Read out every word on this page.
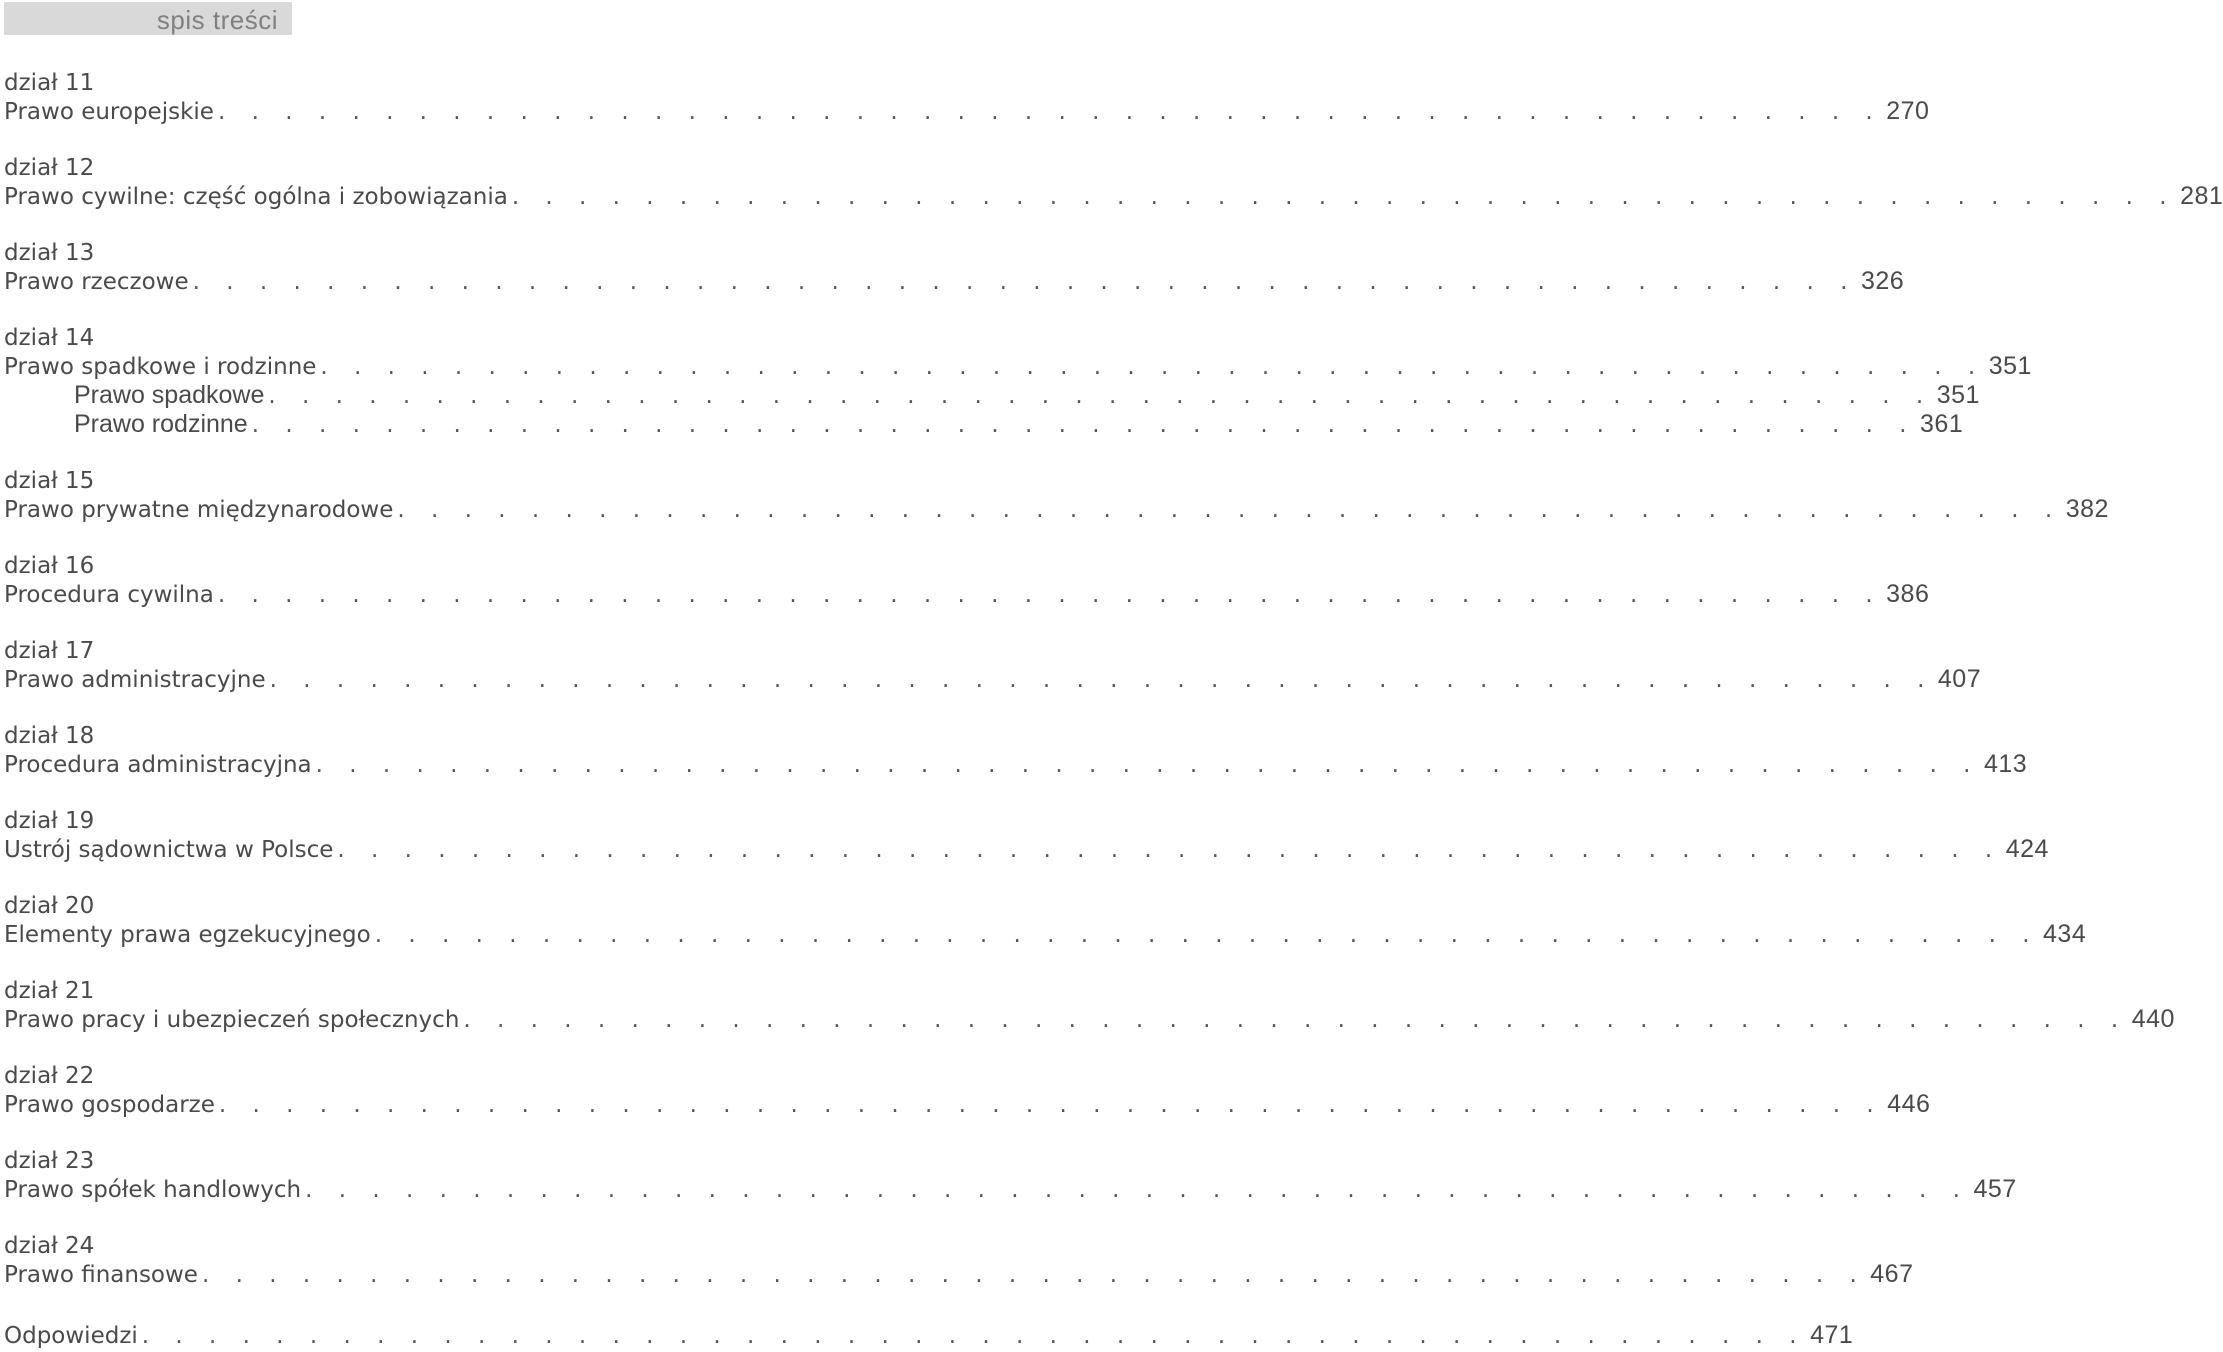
spis treści
dział 11
Prawo europejskie . . . . . . . . . . . . . . . . . . . . . . . . . . . . . . . . . . . . . . . . . . . . . . . . . . 270
dział 12
Prawo cywilne: część ogólna i zobowiązania . . . . . . . . . . . . . . . . . . . . . . . . . . . . . . . . . . . . . . . . . . . . . . . . . . 281
dział 13
Prawo rzeczowe . . . . . . . . . . . . . . . . . . . . . . . . . . . . . . . . . . . . . . . . . . . . . . . . . . 326
dział 14
Prawo spadkowe i rodzinne . . . . . . . . . . . . . . . . . . . . . . . . . . . . . . . . . . . . . . . . . . . . . . . . . . 351
Prawo spadkowe . . . . . . . . . . . . . . . . . . . . . . . . . . . . . . . . . . . . . . . . . . . . . . . . . . 351
Prawo rodzinne . . . . . . . . . . . . . . . . . . . . . . . . . . . . . . . . . . . . . . . . . . . . . . . . . . 361
dział 15
Prawo prywatne międzynarodowe . . . . . . . . . . . . . . . . . . . . . . . . . . . . . . . . . . . . . . . . . . . . . . . . . . 382
dział 16
Procedura cywilna . . . . . . . . . . . . . . . . . . . . . . . . . . . . . . . . . . . . . . . . . . . . . . . . . . 386
dział 17
Prawo administracyjne . . . . . . . . . . . . . . . . . . . . . . . . . . . . . . . . . . . . . . . . . . . . . . . . . . 407
dział 18
Procedura administracyjna . . . . . . . . . . . . . . . . . . . . . . . . . . . . . . . . . . . . . . . . . . . . . . . . . . 413
dział 19
Ustrój sądownictwa w Polsce . . . . . . . . . . . . . . . . . . . . . . . . . . . . . . . . . . . . . . . . . . . . . . . . . . 424
dział 20
Elementy prawa egzekucyjnego . . . . . . . . . . . . . . . . . . . . . . . . . . . . . . . . . . . . . . . . . . . . . . . . . . 434
dział 21
Prawo pracy i ubezpieczeń społecznych . . . . . . . . . . . . . . . . . . . . . . . . . . . . . . . . . . . . . . . . . . . . . . . . . . 440
dział 22
Prawo gospodarze . . . . . . . . . . . . . . . . . . . . . . . . . . . . . . . . . . . . . . . . . . . . . . . . . . 446
dział 23
Prawo spółek handlowych . . . . . . . . . . . . . . . . . . . . . . . . . . . . . . . . . . . . . . . . . . . . . . . . . . 457
dział 24
Prawo finansowe . . . . . . . . . . . . . . . . . . . . . . . . . . . . . . . . . . . . . . . . . . . . . . . . . . 467
Odpowiedzi . . . . . . . . . . . . . . . . . . . . . . . . . . . . . . . . . . . . . . . . . . . . . . . . . . 471
